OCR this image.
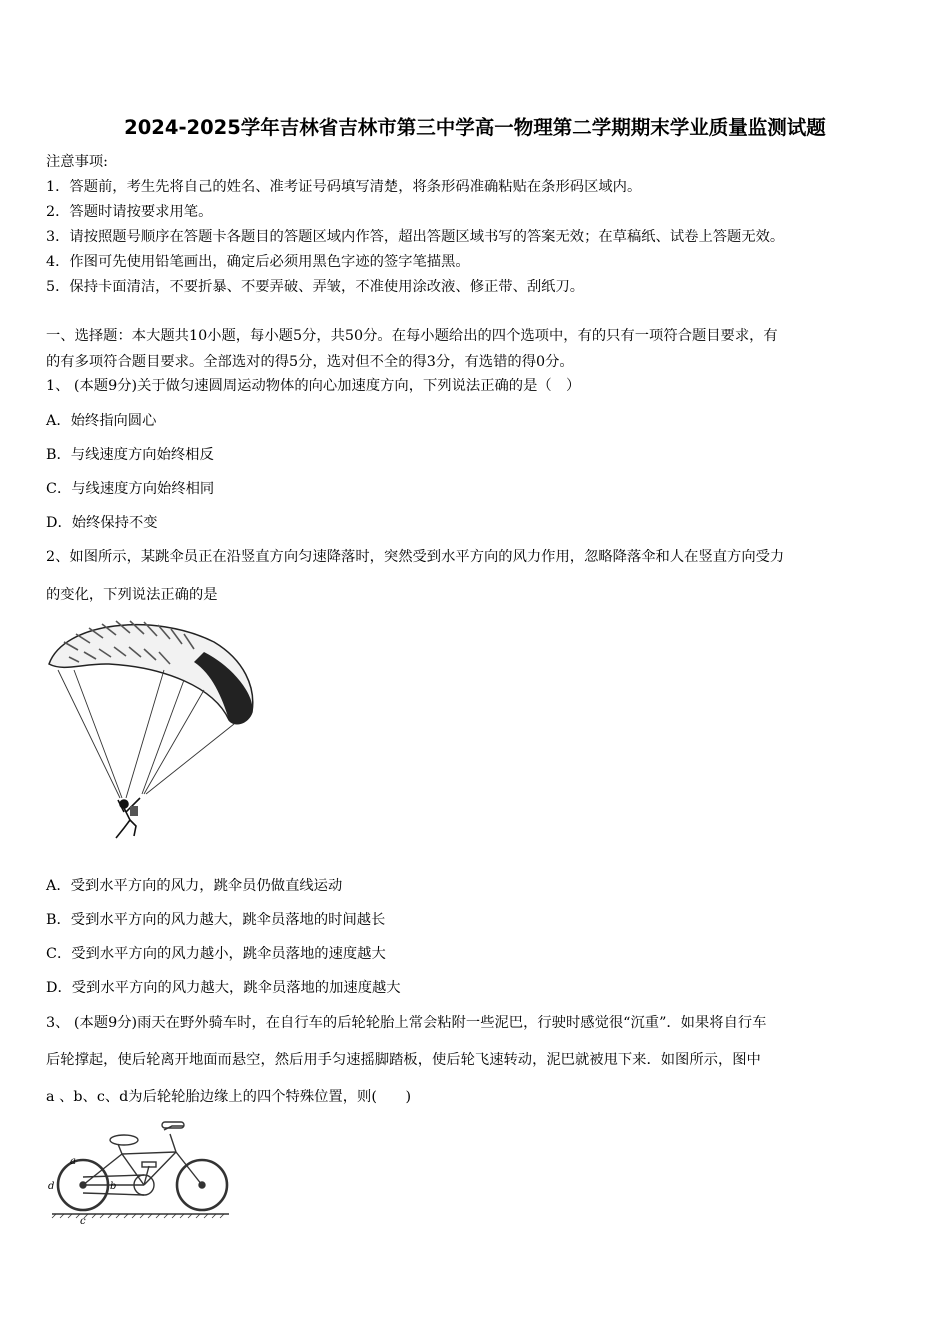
2024-2025学年吉林省吉林市第三中学高一物理第二学期期末学业质量监测试题
注意事项:
1．答题前，考生先将自己的姓名、准考证号码填写清楚，将条形码准确粘贴在条形码区域内。
2．答题时请按要求用笔。
3．请按照题号顺序在答题卡各题目的答题区域内作答，超出答题区域书写的答案无效；在草稿纸、试卷上答题无效。
4．作图可先使用铅笔画出，确定后必须用黑色字迹的签字笔描黑。
5．保持卡面清洁，不要折暴、不要弄破、弄皱，不准使用涂改液、修正带、刮纸刀。
一、选择题：本大题共10小题，每小题5分，共50分。在每小题给出的四个选项中，有的只有一项符合题目要求，有
的有多项符合题目要求。全部选对的得5分，选对但不全的得3分，有选错的得0分。
1、 (本题9分)关于做匀速圆周运动物体的向心加速度方向，下列说法正确的是（　）
A．始终指向圆心
B．与线速度方向始终相反
C．与线速度方向始终相同
D．始终保持不变
2、如图所示，某跳伞员正在沿竖直方向匀速降落时，突然受到水平方向的风力作用，忽略降落伞和人在竖直方向受力
的变化，下列说法正确的是
A．受到水平方向的风力，跳伞员仍做直线运动
B．受到水平方向的风力越大，跳伞员落地的时间越长
C．受到水平方向的风力越小，跳伞员落地的速度越大
D．受到水平方向的风力越大，跳伞员落地的加速度越大
3、 (本题9分)雨天在野外骑车时，在自行车的后轮轮胎上常会粘附一些泥巴，行驶时感觉很“沉重”．如果将自行车
后轮撑起，使后轮离开地面而悬空，然后用手匀速摇脚踏板，使后轮飞速转动，泥巴就被甩下来．如图所示，图中
a 、b、c、d为后轮轮胎边缘上的四个特殊位置，则(　　)
a
b
c
d
